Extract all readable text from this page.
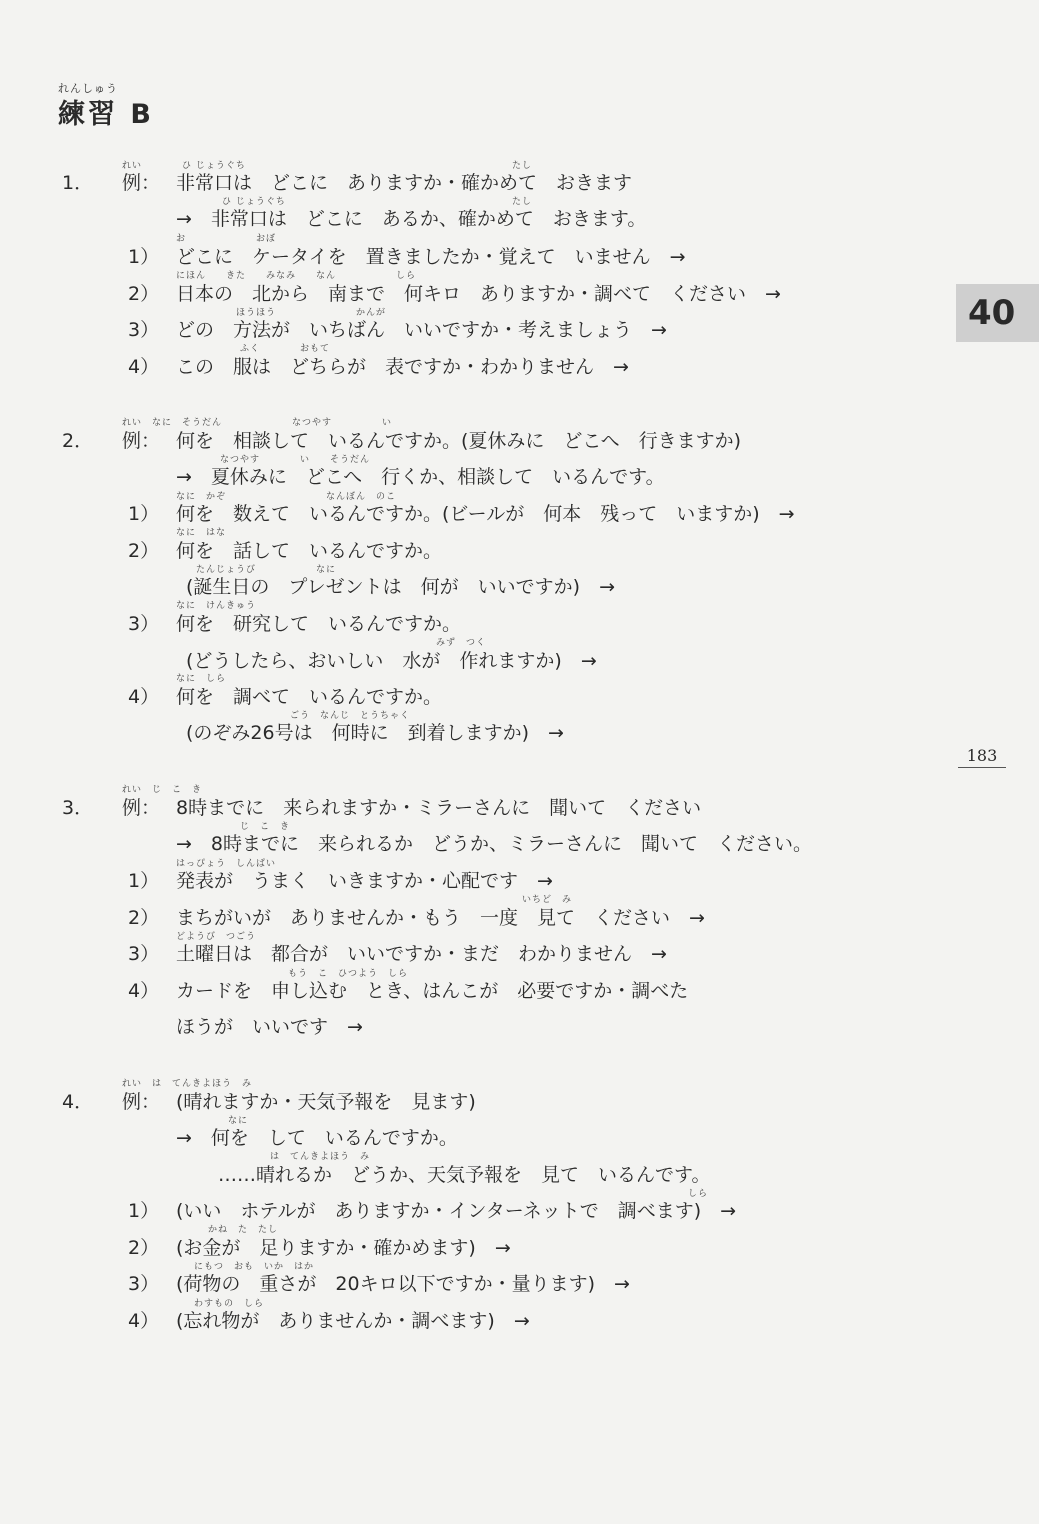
れんしゅう
練習 B
40
183
れい	ひ じょうぐち	たし
1． 例： 非常口は　どこに　ありますか・確かめて　おきます
ひ じょうぐち	たし
→　非常口は　どこに　あるか、確かめて　おきます。
お　　　　　　　おぼ
1） どこに　ケータイを　置きましたか・覚えて　いません　→
にほん　　きた　　みなみ　　なん　　　　　　しら
2） 日本の　北から　南まで　何キロ　ありますか・調べて　ください　→
ほうほう　　　　　　　　かんが
3） どの　方法が　いちばん　いいですか・考えましょう　→
ふく　　　　おもて
4） この　服は　どちらが　表ですか・わかりません　→
れい　なに　そうだん　　　　　　　なつやす　　　　　い
2． 例： 何を　相談して　いるんですか。(夏休みに　どこへ　行きますか)
なつやす　　　　い　　そうだん
→　夏休みに　どこへ　行くか、相談して　いるんです。
なに　かぞ　　　　　　　　　　なんぼん　のこ
1） 何を　数えて　いるんですか。(ビールが　何本　残って　いますか)　→
なに　はな
2） 何を　話して　いるんですか。
たんじょうび　　　　　　なに
(誕生日の　プレゼントは　何が　いいですか)　→
なに　けんきゅう
3） 何を　研究して　いるんですか。
みず　つく
(どうしたら、おいしい　水が　作れますか)　→
なに　しら
4） 何を　調べて　いるんですか。
ごう　なんじ　とうちゃく
(のぞみ26号は　何時に　到着しますか)　→
れい　じ　こ　き
3． 例： 8時までに　来られますか・ミラーさんに　聞いて　ください
じ　こ　き
→　8時までに　来られるか　どうか、ミラーさんに　聞いて　ください。
はっぴょう　しんぱい
1） 発表が　うまく　いきますか・心配です　→
いちど　み
2） まちがいが　ありませんか・もう　一度　見て　ください　→
どようび　つごう
3） 土曜日は　都合が　いいですか・まだ　わかりません　→
もう　こ　ひつよう　しら
4） カードを　申し込む　とき、はんこが　必要ですか・調べた
ほうが　いいです　→
れい　は　てんきよほう　み
4． 例： (晴れますか・天気予報を　見ます)
なに
→　何を　して　いるんですか。
は　てんきよほう　み
……晴れるか　どうか、天気予報を　見て　いるんです。
しら
1） (いい　ホテルが　ありますか・インターネットで　調べます)　→
かね　た　たし
2） (お金が　足りますか・確かめます)　→
にもつ　おも　いか　はか
3） (荷物の　重さが　20キロ以下ですか・量ります)　→
わすもの　しら
4） (忘れ物が　ありませんか・調べます)　→
